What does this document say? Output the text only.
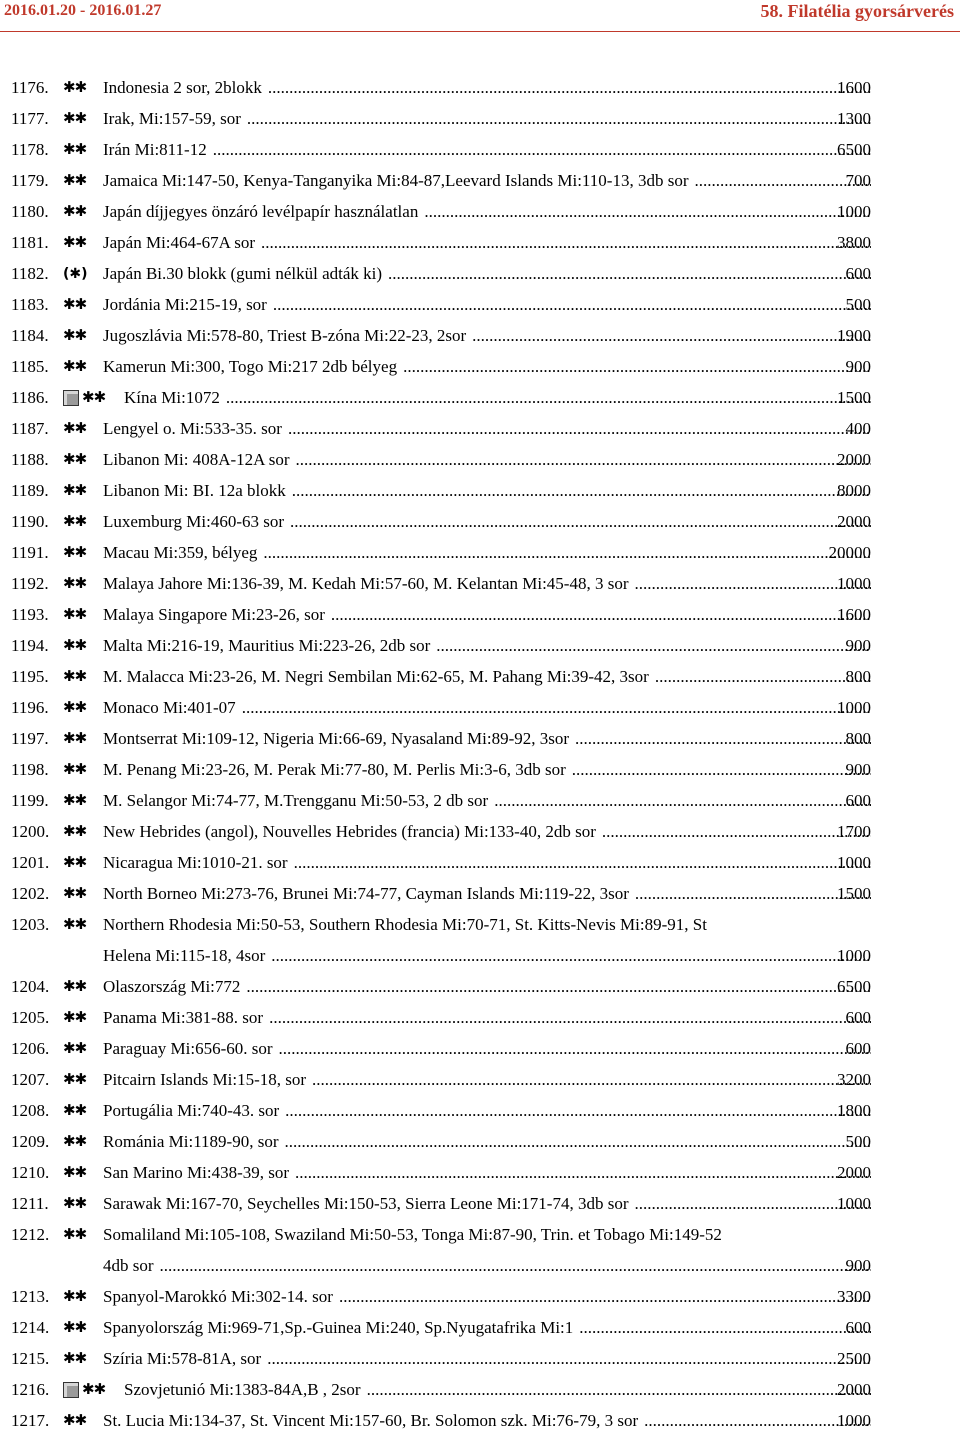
2016.01.20 - 2016.01.27	58. Filatélia gyorsárverés
1176. ✱✱ Indonesia 2 sor, 2blokk .....	1600
1177. ✱✱ Irak, Mi:157-59, sor .....	1300
1178. ✱✱ Irán Mi:811-12 .....	6500
1179. ✱✱ Jamaica Mi:147-50, Kenya-Tanganyika Mi:84-87,Leevard Islands Mi:110-13, 3db sor .....	700
1180. ✱✱ Japán díjjegyes önzáró levélpapír használatlan .....	1000
1181. ✱✱ Japán Mi:464-67A sor .....	3800
1182. (✱) Japán Bi.30 blokk (gumi nélkül adták ki) .....	600
1183. ✱✱ Jordánia Mi:215-19, sor .....	500
1184. ✱✱ Jugoszlávia Mi:578-80, Triest B-zóna Mi:22-23, 2sor .....	1900
1185. ✱✱ Kamerun Mi:300, Togo Mi:217 2db bélyeg .....	900
1186. ✱✱ Kína Mi:1072 .....	1500
1187. ✱✱ Lengyel o. Mi:533-35. sor .....	400
1188. ✱✱ Libanon Mi: 408A-12A sor .....	2000
1189. ✱✱ Libanon Mi: BI. 12a blokk .....	8000
1190. ✱✱ Luxemburg Mi:460-63 sor .....	2000
1191. ✱✱ Macau Mi:359, bélyeg .....	20000
1192. ✱✱ Malaya Jahore Mi:136-39, M. Kedah Mi:57-60, M. Kelantan Mi:45-48, 3 sor .....	1000
1193. ✱✱ Malaya Singapore Mi:23-26, sor .....	1600
1194. ✱✱ Malta Mi:216-19, Mauritius Mi:223-26, 2db sor .....	900
1195. ✱✱ M. Malacca Mi:23-26, M. Negri Sembilan Mi:62-65, M. Pahang Mi:39-42, 3sor .....	800
1196. ✱✱ Monaco Mi:401-07 .....	1000
1197. ✱✱ Montserrat Mi:109-12, Nigeria Mi:66-69, Nyasaland Mi:89-92, 3sor .....	800
1198. ✱✱ M. Penang Mi:23-26, M. Perak Mi:77-80, M. Perlis Mi:3-6, 3db sor .....	900
1199. ✱✱ M. Selangor Mi:74-77, M.Trengganu Mi:50-53, 2 db sor .....	600
1200. ✱✱ New Hebrides (angol), Nouvelles Hebrides (francia) Mi:133-40, 2db sor .....	1700
1201. ✱✱ Nicaragua Mi:1010-21. sor .....	1000
1202. ✱✱ North Borneo Mi:273-76, Brunei Mi:74-77, Cayman Islands Mi:119-22, 3sor .....	1500
1203. ✱✱ Northern Rhodesia Mi:50-53, Southern Rhodesia Mi:70-71, St. Kitts-Nevis Mi:89-91, St
Helena Mi:115-18, 4sor .....	1000
1204. ✱✱ Olaszország Mi:772 .....	6500
1205. ✱✱ Panama Mi:381-88. sor .....	600
1206. ✱✱ Paraguay Mi:656-60. sor .....	600
1207. ✱✱ Pitcairn Islands Mi:15-18, sor .....	3200
1208. ✱✱ Portugália Mi:740-43. sor .....	1800
1209. ✱✱ Románia Mi:1189-90, sor .....	500
1210. ✱✱ San Marino Mi:438-39, sor .....	2000
1211. ✱✱ Sarawak Mi:167-70, Seychelles Mi:150-53, Sierra Leone Mi:171-74, 3db sor .....	1000
1212. ✱✱ Somaliland Mi:105-108, Swaziland Mi:50-53, Tonga Mi:87-90, Trin. et Tobago Mi:149-52
4db sor .....	900
1213. ✱✱ Spanyol-Marokkó Mi:302-14. sor .....	3300
1214. ✱✱ Spanyolország Mi:969-71,Sp.-Guinea Mi:240, Sp.Nyugatafrika Mi:1 .....	600
1215. ✱✱ Szíria Mi:578-81A, sor .....	2500
1216. ✱✱ Szovjetunió Mi:1383-84A,B , 2sor .....	2000
1217. ✱✱ St. Lucia Mi:134-37, St. Vincent Mi:157-60, Br. Solomon szk. Mi:76-79, 3 sor .....	1000
